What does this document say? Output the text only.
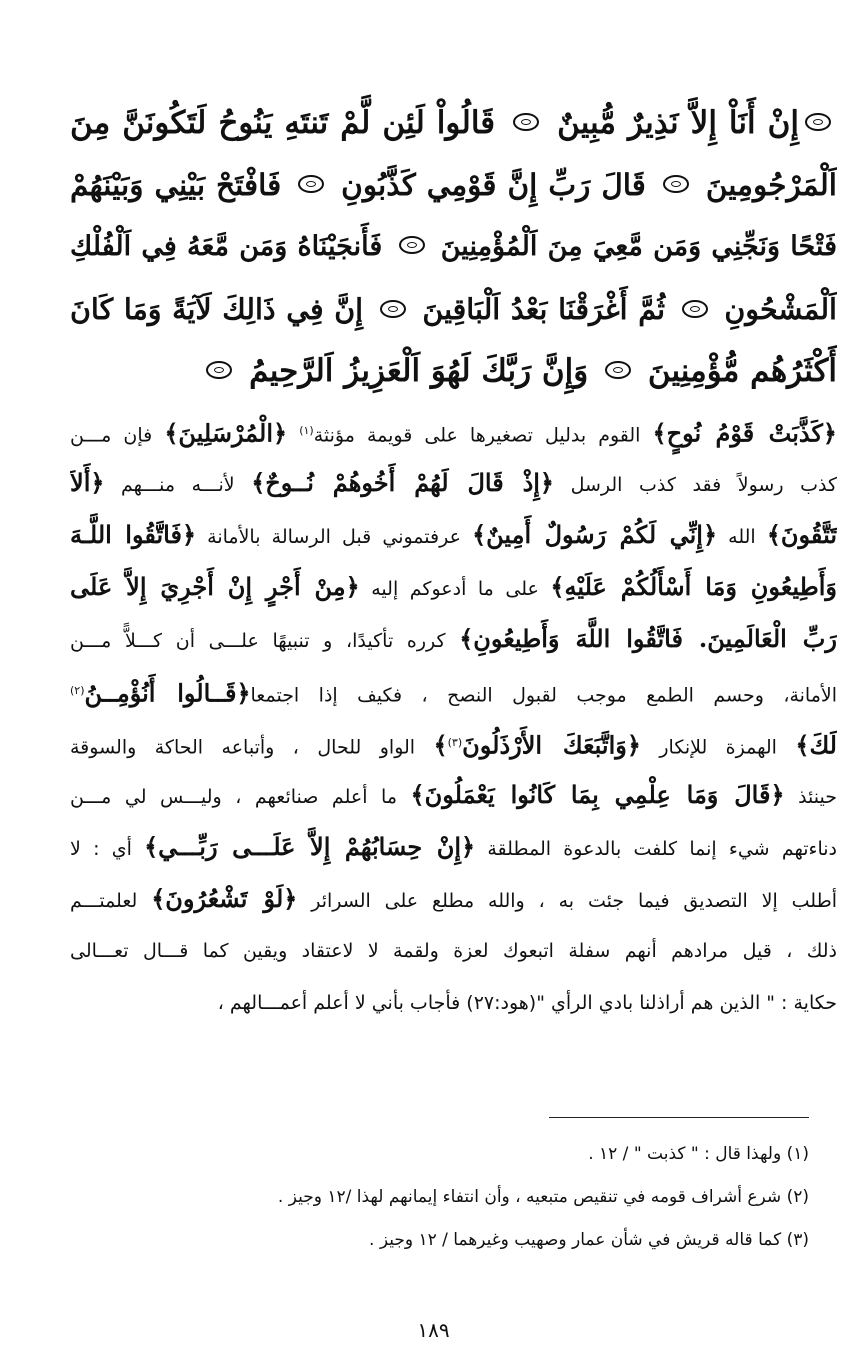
إِنْ أَنَاْ إِلاَّ نَذِيرٌ مُّبِينٌ  قَالُواْ لَئِن لَّمْ تَنتَهِ يَنُوحُ لَتَكُونَنَّ مِنَ
اَلْمَرْجُومِينَ  قَالَ رَبِّ إِنَّ قَوْمِي كَذَّبُونِ  فَافْتَحْ بَيْنِي وَبَيْنَهُمْ
فَتْحًا وَنَجِّنِي وَمَن مَّعِيَ مِنَ اَلْمُؤْمِنِينَ  فَأَنجَيْنَاهُ وَمَن مَّعَهُ فِي اَلْفُلْكِ
اَلْمَشْحُونِ  ثُمَّ أَغْرَقْنَا بَعْدُ اَلْبَاقِينَ  إِنَّ فِي ذَالِكَ لَآيَةً وَمَا كَانَ
أَكْثَرُهُم مُّؤْمِنِينَ  وَإِنَّ رَبَّكَ لَهُوَ اَلْعَزِيزُ اَلرَّحِيمُ
﴿كَذَّبَتْ قَوْمُ نُوحٍ﴾ القوم بدليل تصغيرها على قويمة مؤنثة$^{(١)}$ ﴿الْمُرْسَلِينَ﴾ فإن مـــن
كذب رسولاً فقد كذب الرسل ﴿إِذْ قَالَ لَهُمْ أَخُوهُمْ نُــوحٌ﴾ لأنـــه منـــهم ﴿أَلاَ
تَتَّقُونَ﴾ الله ﴿إِنِّي لَكُمْ رَسُولٌ أَمِينٌ﴾ عرفتموني قبل الرسالة بالأمانة ﴿فَاتَّقُوا اللَّـهَ
وَأَطِيعُونِ وَمَا أَسْأَلُكُمْ عَلَيْهِ﴾ على ما أدعوكم إليه ﴿مِنْ أَجْرٍ إِنْ أَجْرِيَ إِلاَّ عَلَى
رَبِّ الْعَالَمِينَ. فَاتَّقُوا اللَّهَ وَأَطِيعُونِ﴾ كرره تأكيدًا، و تنبيهًا علـــى أن كـــلاًّ مـــن
الأمانة، وحسم الطمع موجب لقبول النصح ، فكيف إذا اجتمعا﴿قَــالُوا أَنُؤْمِــنُ$^{(٢)}$
لَكَ﴾ الهمزة للإنكار ﴿وَاتَّبَعَكَ الأَرْذَلُونَ$^{(٣)}$﴾ الواو للحال ، وأتباعه الحاكة والسوقة
حينئذ ﴿قَالَ وَمَا عِلْمِي بِمَا كَانُوا يَعْمَلُونَ﴾ ما أعلم صنائعهم ، وليـــس لي مـــن
دناءتهم شيء إنما كلفت بالدعوة المطلقة ﴿إِنْ حِسَابُهُمْ إِلاَّ عَلَـــى رَبِّـــي﴾ أي : لا
أطلب إلا التصديق فيما جئت به ، والله مطلع على السرائر ﴿لَوْ تَشْعُرُونَ﴾ لعلمتـــم
ذلك ، قيل مرادهم أنهم سفلة اتبعوك لعزة ولقمة لا لاعتقاد ويقين كما قـــال تعـــالى
حكاية : " الذين هم أراذلنا بادي الرأي "(هود:٢٧) فأجاب بأني لا أعلم أعمـــالهم ،
(١) ولهذا قال : " كذبت " / ١٢ .
(٢) شرع أشراف قومه في تنقيص متبعيه ، وأن انتفاء إيمانهم لهذا /١٢ وجيز .
(٣) كما قاله قريش في شأن عمار وصهيب وغيرهما / ١٢ وجيز .
١٨٩
